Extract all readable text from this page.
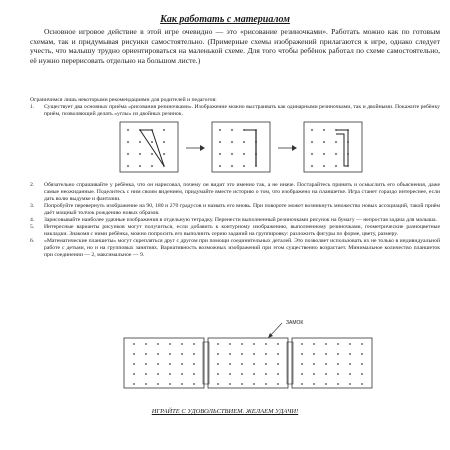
Как работать с материалом

Основное игровое действие в этой игре очевидно — это «рисование резиночками». Работать можно как по готовым схемам, так и придумывая рисунки самостоятельно. (Примерные схемы изображений прилагаются к игре, однако следует учесть, что малышу трудно ориентироваться на маленькой схеме. Для того чтобы ребёнок работал по схеме самостоятельно, её нужно перерисовать отдельно на большом листе.)

Ограничимся лишь некоторыми рекомендациями для родителей и педагогов:
1. Существует два основных приёма «рисования резиночками». Изображение можно выстраивать как одинарными резиночками, так и двойными. Покажите ребёнку приём, позволяющий делать «углы» из двойных резинок.
2. Обязательно спрашивайте у ребёнка, что он нарисовал, почему он видит это именно так, а не иначе. Постарайтесь принять и осмыслить его объяснения, даже самые неожиданные. Поделитесь с ним своим видением, придумайте вместе историю о том, что изображено на планшетке. Игра станет гораздо интереснее, если дать волю выдумке и фантазии.
3. Попробуйте перевернуть изображение на 90, 180 и 270 градусов и назвать его вновь. При повороте может возникнуть множество новых ассоциаций, такой приём даёт мощный толчок рождению новых образов.
4. Зарисовывайте наиболее удачные изображения в отдельную тетрадку. Перенести выполненный резиночками рисунок на бумагу — непростая задача для малыша.
5. Интересные варианты рисунков могут получиться, если добавить к контурному изображению, выполненному резиночками, геометрические разноцветные накладки. Знакомя с ними ребёнка, можно попросить его выполнить серию заданий на группировку: разложить фигуры по форме, цвету, размеру.
6. «Математические планшеты» могут скрепляться друг с другом при помощи соединительных деталей. Это позволяет использовать их не только в индивидуальной работе с детьми, но и на групповых занятиях. Вариативность возможных изображений при этом существенно возрастает. Минимальное количество планшеток при соединении — 2, максимальное — 9.
ЗАМОК
ИГРАЙТЕ С УДОВОЛЬСТВИЕМ. ЖЕЛАЕМ УДАЧИ!
